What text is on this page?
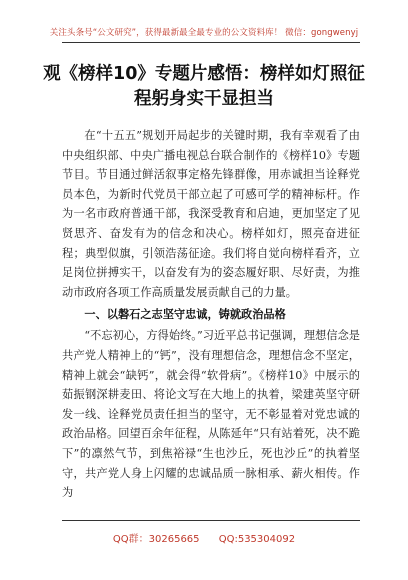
关注头条号“公文研究”，获得最新最全最专业的公文资料库！ 微信：gongwenyj
观《榜样10》专题片感悟：榜样如灯照征程躬身实干显担当

在“十五五”规划开局起步的关键时期，我有幸观看了由中央组织部、中央广播电视总台联合制作的《榜样10》专题节目。节目通过鲜活叙事定格先锋群像，用赤诚担当诠释党员本色，为新时代党员干部立起了可感可学的精神标杆。作为一名市政府普通干部，我深受教育和启迪，更加坚定了见贤思齐、奋发有为的信念和决心。榜样如灯，照亮奋进征程；典型似旗，引领浩荡征途。我们将自觉向榜样看齐，立足岗位拼搏实干，以奋发有为的姿态履好职、尽好责，为推动市政府各项工作高质量发展贡献自己的力量。

一、以磐石之志坚守忠诚，铸就政治品格

“不忘初心，方得始终。”习近平总书记强调，理想信念是共产党人精神上的“钙”，没有理想信念，理想信念不坚定，精神上就会“缺钙”，就会得“软骨病”。《榜样10》中展示的茹振钢深耕麦田、将论文写在大地上的执着，梁建英坚守研发一线、诠释党员责任担当的坚守，无不彰显着对党忠诚的政治品格。回望百余年征程，从陈延年“只有站着死，决不跪下”的凛然气节，到焦裕禄“生也沙丘，死也沙丘”的执着坚守，共产党人身上闪耀的忠诚品质一脉相承、薪火相传。作为

QQ群：30265665 QQ:535304092
